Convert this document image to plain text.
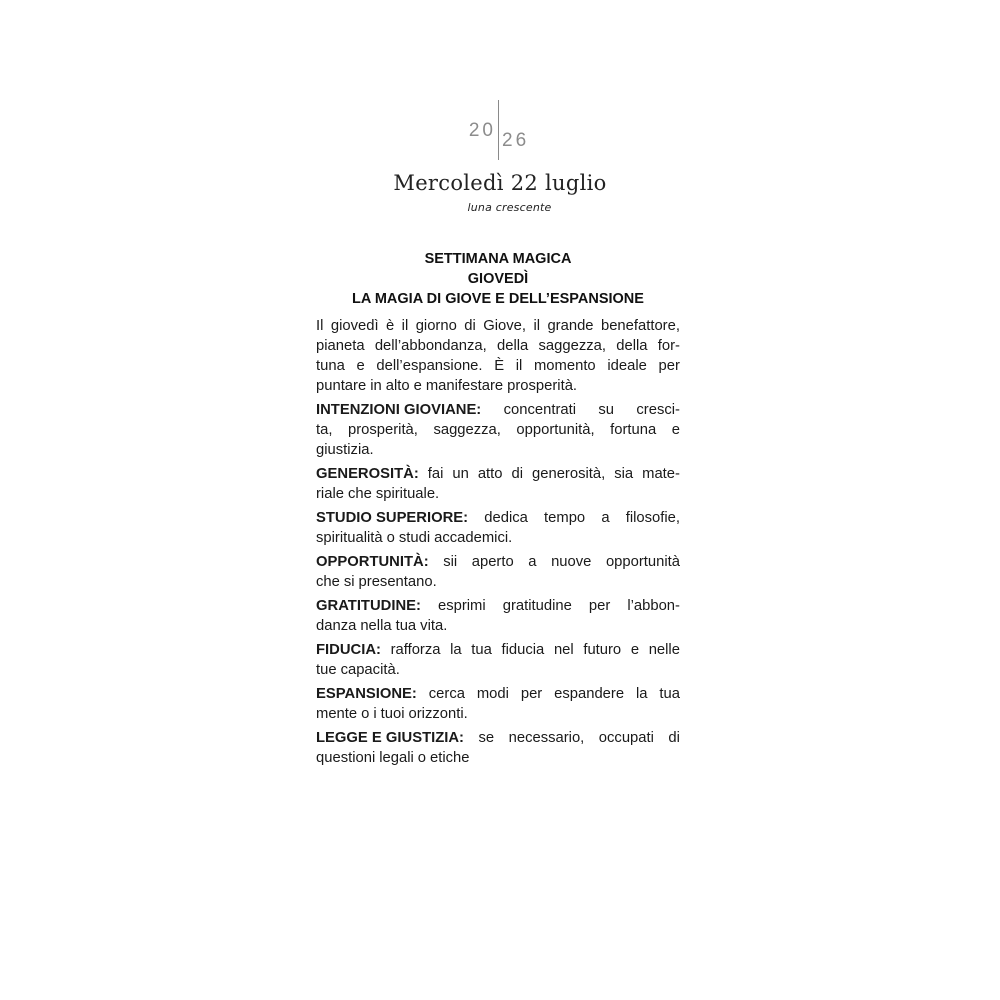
20 26
Mercoledì 22 luglio
luna crescente
SETTIMANA MAGICA
GIOVEDÌ
LA MAGIA DI GIOVE E DELL’ESPANSIONE
Il giovedì è il giorno di Giove, il grande benefattore,
pianeta dell’abbondanza, della saggezza, della for-
tuna e dell’espansione. È il momento ideale per
puntare in alto e manifestare prosperità.
INTENZIONI GIOVIANE: concentrati su cresci-
ta, prosperità, saggezza, opportunità, fortuna e
giustizia.
GENEROSITÀ: fai un atto di generosità, sia mate-
riale che spirituale.
STUDIO SUPERIORE: dedica tempo a filosofie,
spiritualità o studi accademici.
OPPORTUNITÀ: sii aperto a nuove opportunità
che si presentano.
GRATITUDINE: esprimi gratitudine per l’abbon-
danza nella tua vita.
FIDUCIA: rafforza la tua fiducia nel futuro e nelle
tue capacità.
ESPANSIONE: cerca modi per espandere la tua
mente o i tuoi orizzonti.
LEGGE E GIUSTIZIA: se necessario, occupati di
questioni legali o etiche
